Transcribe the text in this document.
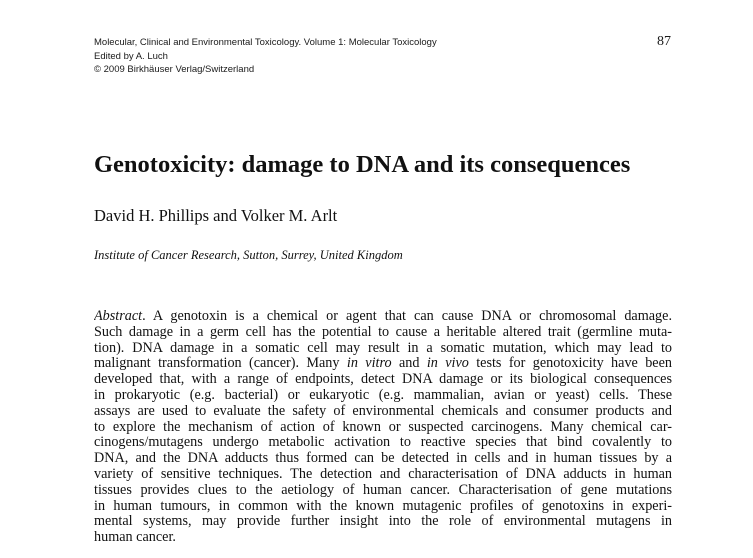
Molecular, Clinical and Environmental Toxicology. Volume 1: Molecular Toxicology
Edited by A. Luch
© 2009 Birkhäuser Verlag/Switzerland
87
Genotoxicity: damage to DNA and its consequences
David H. Phillips and Volker M. Arlt
Institute of Cancer Research, Sutton, Surrey, United Kingdom
Abstract. A genotoxin is a chemical or agent that can cause DNA or chromosomal damage.
Such damage in a germ cell has the potential to cause a heritable altered trait (germline muta-
tion). DNA damage in a somatic cell may result in a somatic mutation, which may lead to
malignant transformation (cancer). Many in vitro and in vivo tests for genotoxicity have been
developed that, with a range of endpoints, detect DNA damage or its biological consequences
in prokaryotic (e.g. bacterial) or eukaryotic (e.g. mammalian, avian or yeast) cells. These
assays are used to evaluate the safety of environmental chemicals and consumer products and
to explore the mechanism of action of known or suspected carcinogens. Many chemical car-
cinogens/mutagens undergo metabolic activation to reactive species that bind covalently to
DNA, and the DNA adducts thus formed can be detected in cells and in human tissues by a
variety of sensitive techniques. The detection and characterisation of DNA adducts in human
tissues provides clues to the aetiology of human cancer. Characterisation of gene mutations
in human tumours, in common with the known mutagenic profiles of genotoxins in experi-
mental systems, may provide further insight into the role of environmental mutagens in
human cancer.
